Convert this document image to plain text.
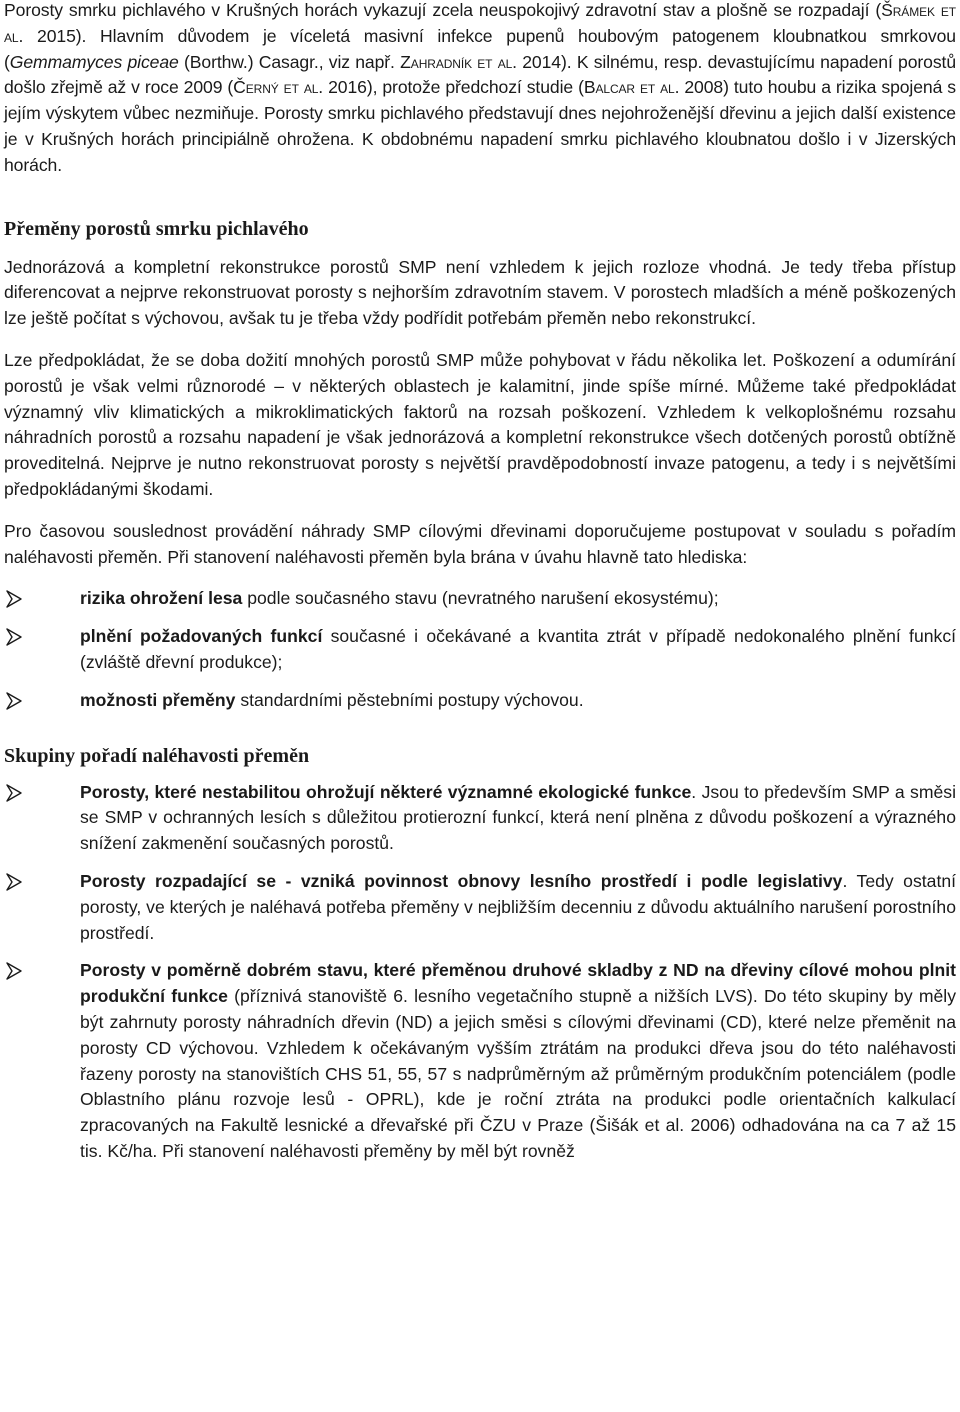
Porosty smrku pichlavého v Krušných horách vykazují zcela neuspokojivý zdravotní stav a plošně se rozpadají (Šrámek et al. 2015). Hlavním důvodem je víceletá masivní infekce pupenů houbovým patogenem kloubnatkou smrkovou (Gemmamyces piceae (Borthw.) Casagr., viz např. Zahradník et al. 2014). K silnému, resp. devastujícímu napadení porostů došlo zřejmě až v roce 2009 (Černý et al. 2016), protože předchozí studie (Balcar et al. 2008) tuto houbu a rizika spojená s jejím výskytem vůbec nezmiňuje. Porosty smrku pichlavého představují dnes nejohroženější dřevinu a jejich další existence je v Krušných horách principiálně ohrožena. K obdobnému napadení smrku pichlavého kloubnatou došlo i v Jizerských horách.

Přeměny porostů smrku pichlavého

Jednorázová a kompletní rekonstrukce porostů SMP není vzhledem k jejich rozloze vhodná. Je tedy třeba přístup diferencovat a nejprve rekonstruovat porosty s nejhorším zdravotním stavem. V porostech mladších a méně poškozených lze ještě počítat s výchovou, avšak tu je třeba vždy podřídit potřebám přeměn nebo rekonstrukcí.

Lze předpokládat, že se doba dožití mnohých porostů SMP může pohybovat v řádu několika let. Poškození a odumírání porostů je však velmi různorodé – v některých oblastech je kalamitní, jinde spíše mírné. Můžeme také předpokládat významný vliv klimatických a mikroklimatických faktorů na rozsah poškození. Vzhledem k velkoplošnému rozsahu náhradních porostů a rozsahu napadení je však jednorázová a kompletní rekonstrukce všech dotčených porostů obtížně proveditelná. Nejprve je nutno rekonstruovat porosty s největší pravděpodobností invaze patogenu, a tedy i s největšími předpokládanými škodami.

Pro časovou souslednost provádění náhrady SMP cílovými dřevinami doporučujeme postupovat v souladu s pořadím naléhavosti přeměn. Při stanovení naléhavosti přeměn byla brána v úvahu hlavně tato hlediska:

rizika ohrožení lesa podle současného stavu (nevratného narušení ekosystému);
plnění požadovaných funkcí současné i očekávané a kvantita ztrát v případě nedokonalého plnění funkcí (zvláště dřevní produkce);
možnosti přeměny standardními pěstebními postupy výchovou.
Skupiny pořadí naléhavosti přeměn
Porosty, které nestabilitou ohrožují některé významné ekologické funkce. Jsou to především SMP a směsi se SMP v ochranných lesích s důležitou protierozní funkcí, která není plněna z důvodu poškození a výrazného snížení zakmenění současných porostů.
Porosty rozpadající se - vzniká povinnost obnovy lesního prostředí i podle legislativy. Tedy ostatní porosty, ve kterých je naléhavá potřeba přeměny v nejbližším decenniu z důvodu aktuálního narušení porostního prostředí.
Porosty v poměrně dobrém stavu, které přeměnou druhové skladby z ND na dřeviny cílové mohou plnit produkční funkce (příznivá stanoviště 6. lesního vegetačního stupně a nižších LVS). Do této skupiny by měly být zahrnuty porosty náhradních dřevin (ND) a jejich směsi s cílovými dřevinami (CD), které nelze přeměnit na porosty CD výchovou. Vzhledem k očekávaným vyšším ztrátám na produkci dřeva jsou do této naléhavosti řazeny porosty na stanovištích CHS 51, 55, 57 s nadprůměrným až průměrným produkčním potenciálem (podle Oblastního plánu rozvoje lesů - OPRL), kde je roční ztráta na produkci podle orientačních kalkulací zpracovaných na Fakultě lesnické a dřevařské při ČZU v Praze (Šišák et al. 2006) odhadována na ca 7 až 15 tis. Kč/ha. Při stanovení naléhavosti přeměny by měl být rovněž
